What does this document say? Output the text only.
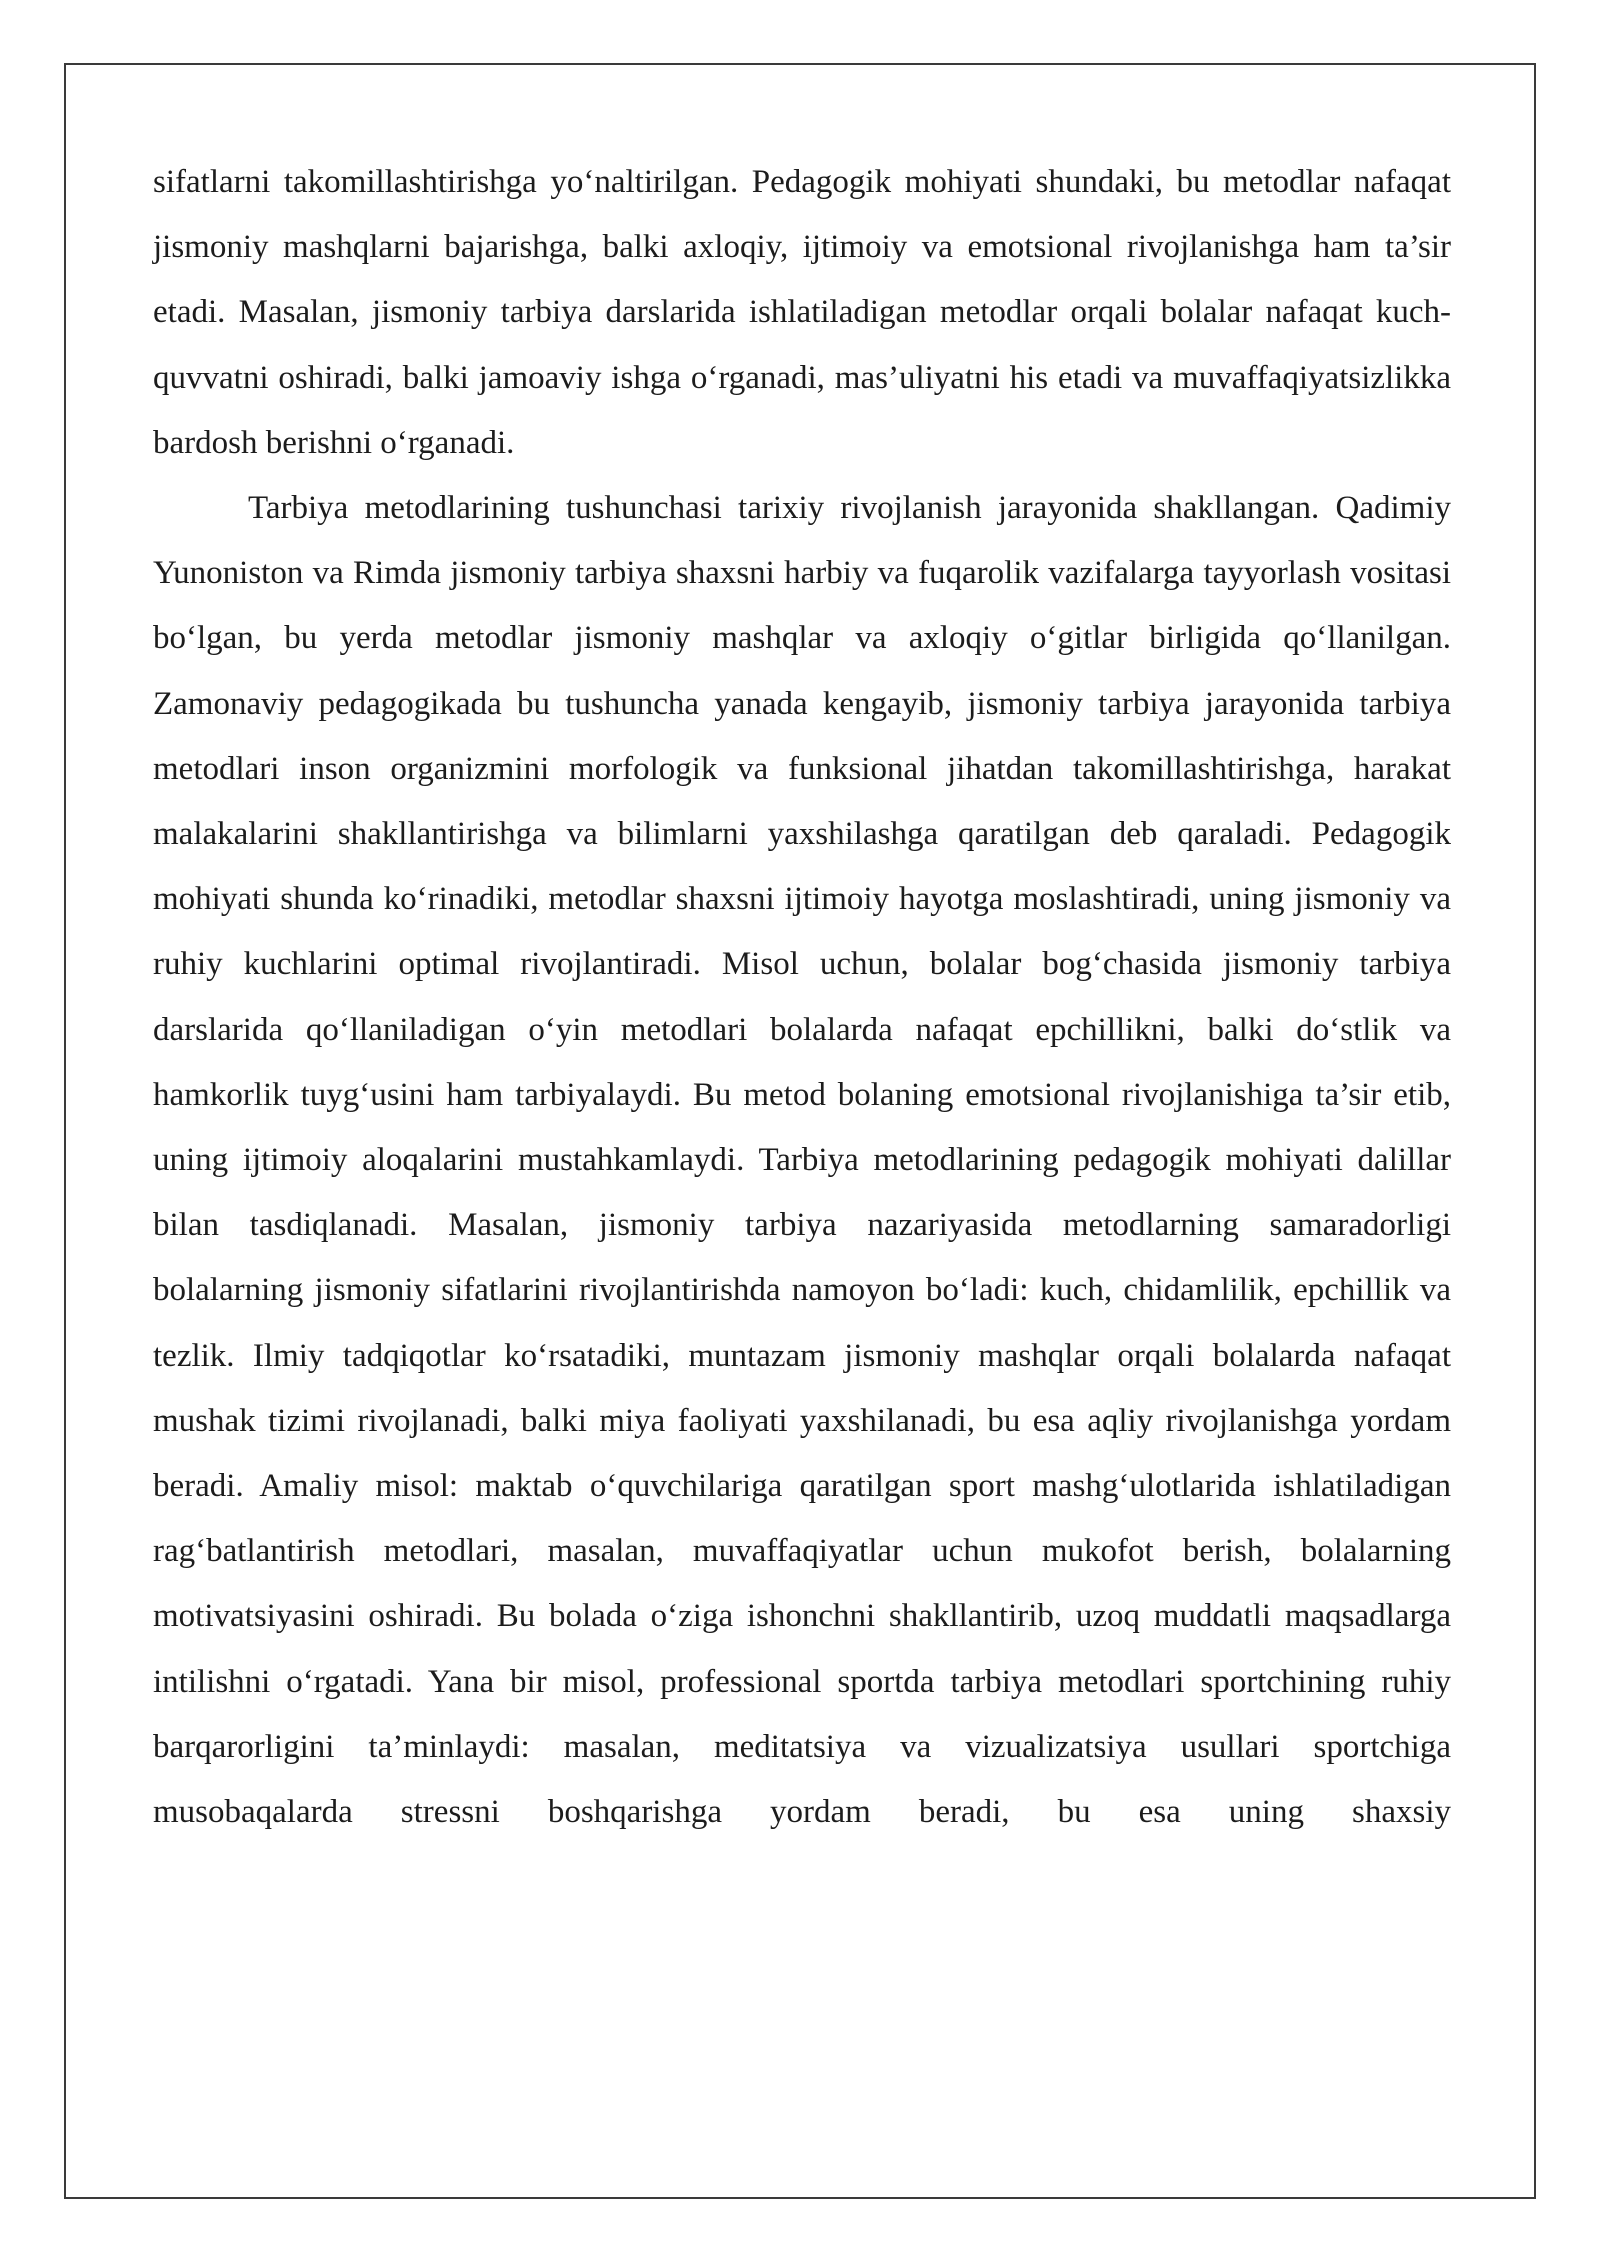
sifatlarni takomillashtirishga yo‘naltirilgan. Pedagogik mohiyati shundaki, bu metodlar nafaqat jismoniy mashqlarni bajarishga, balki axloqiy, ijtimoiy va emotsional rivojlanishga ham ta’sir etadi. Masalan, jismoniy tarbiya darslarida ishlatiladigan metodlar orqali bolalar nafaqat kuch-quvvatni oshiradi, balki jamoaviy ishga o‘rganadi, mas’uliyatni his etadi va muvaffaqiyatsizlikka bardosh berishni o‘rganadi.

Tarbiya metodlarining tushunchasi tarixiy rivojlanish jarayonida shakllangan. Qadimiy Yunoniston va Rimda jismoniy tarbiya shaxsni harbiy va fuqarolik vazifalarga tayyorlash vositasi bo‘lgan, bu yerda metodlar jismoniy mashqlar va axloqiy o‘gitlar birligida qo‘llanilgan. Zamonaviy pedagogikada bu tushuncha yanada kengayib, jismoniy tarbiya jarayonida tarbiya metodlari inson organizmini morfologik va funksional jihatdan takomillashtirishga, harakat malakalarini shakllantirishga va bilimlarni yaxshilashga qaratilgan deb qaraladi. Pedagogik mohiyati shunda ko‘rinadiki, metodlar shaxsni ijtimoiy hayotga moslashtiradi, uning jismoniy va ruhiy kuchlarini optimal rivojlantiradi. Misol uchun, bolalar bog‘chasida jismoniy tarbiya darslarida qo‘llaniladigan o‘yin metodlari bolalarda nafaqat epchillikni, balki do‘stlik va hamkorlik tuyg‘usini ham tarbiyalaydi. Bu metod bolaning emotsional rivojlanishiga ta’sir etib, uning ijtimoiy aloqalarini mustahkamlaydi. Tarbiya metodlarining pedagogik mohiyati dalillar bilan tasdiqlanadi. Masalan, jismoniy tarbiya nazariyasida metodlarning samaradorligi bolalarning jismoniy sifatlarini rivojlantirishda namoyon bo‘ladi: kuch, chidamlilik, epchillik va tezlik. Ilmiy tadqiqotlar ko‘rsatadiki, muntazam jismoniy mashqlar orqali bolalarda nafaqat mushak tizimi rivojlanadi, balki miya faoliyati yaxshilanadi, bu esa aqliy rivojlanishga yordam beradi. Amaliy misol: maktab o‘quvchilariga qaratilgan sport mashg‘ulotlarida ishlatiladigan rag‘batlantirish metodlari, masalan, muvaffaqiyatlar uchun mukofot berish, bolalarning motivatsiyasini oshiradi. Bu bolada o‘ziga ishonchni shakllantirib, uzoq muddatli maqsadlarga intilishni o‘rgatadi. Yana bir misol, professional sportda tarbiya metodlari sportchining ruhiy barqarorligini ta’minlaydi: masalan, meditatsiya va vizualizatsiya usullari sportchiga musobaqalarda stressni boshqarishga yordam beradi, bu esa uning shaxsiy
